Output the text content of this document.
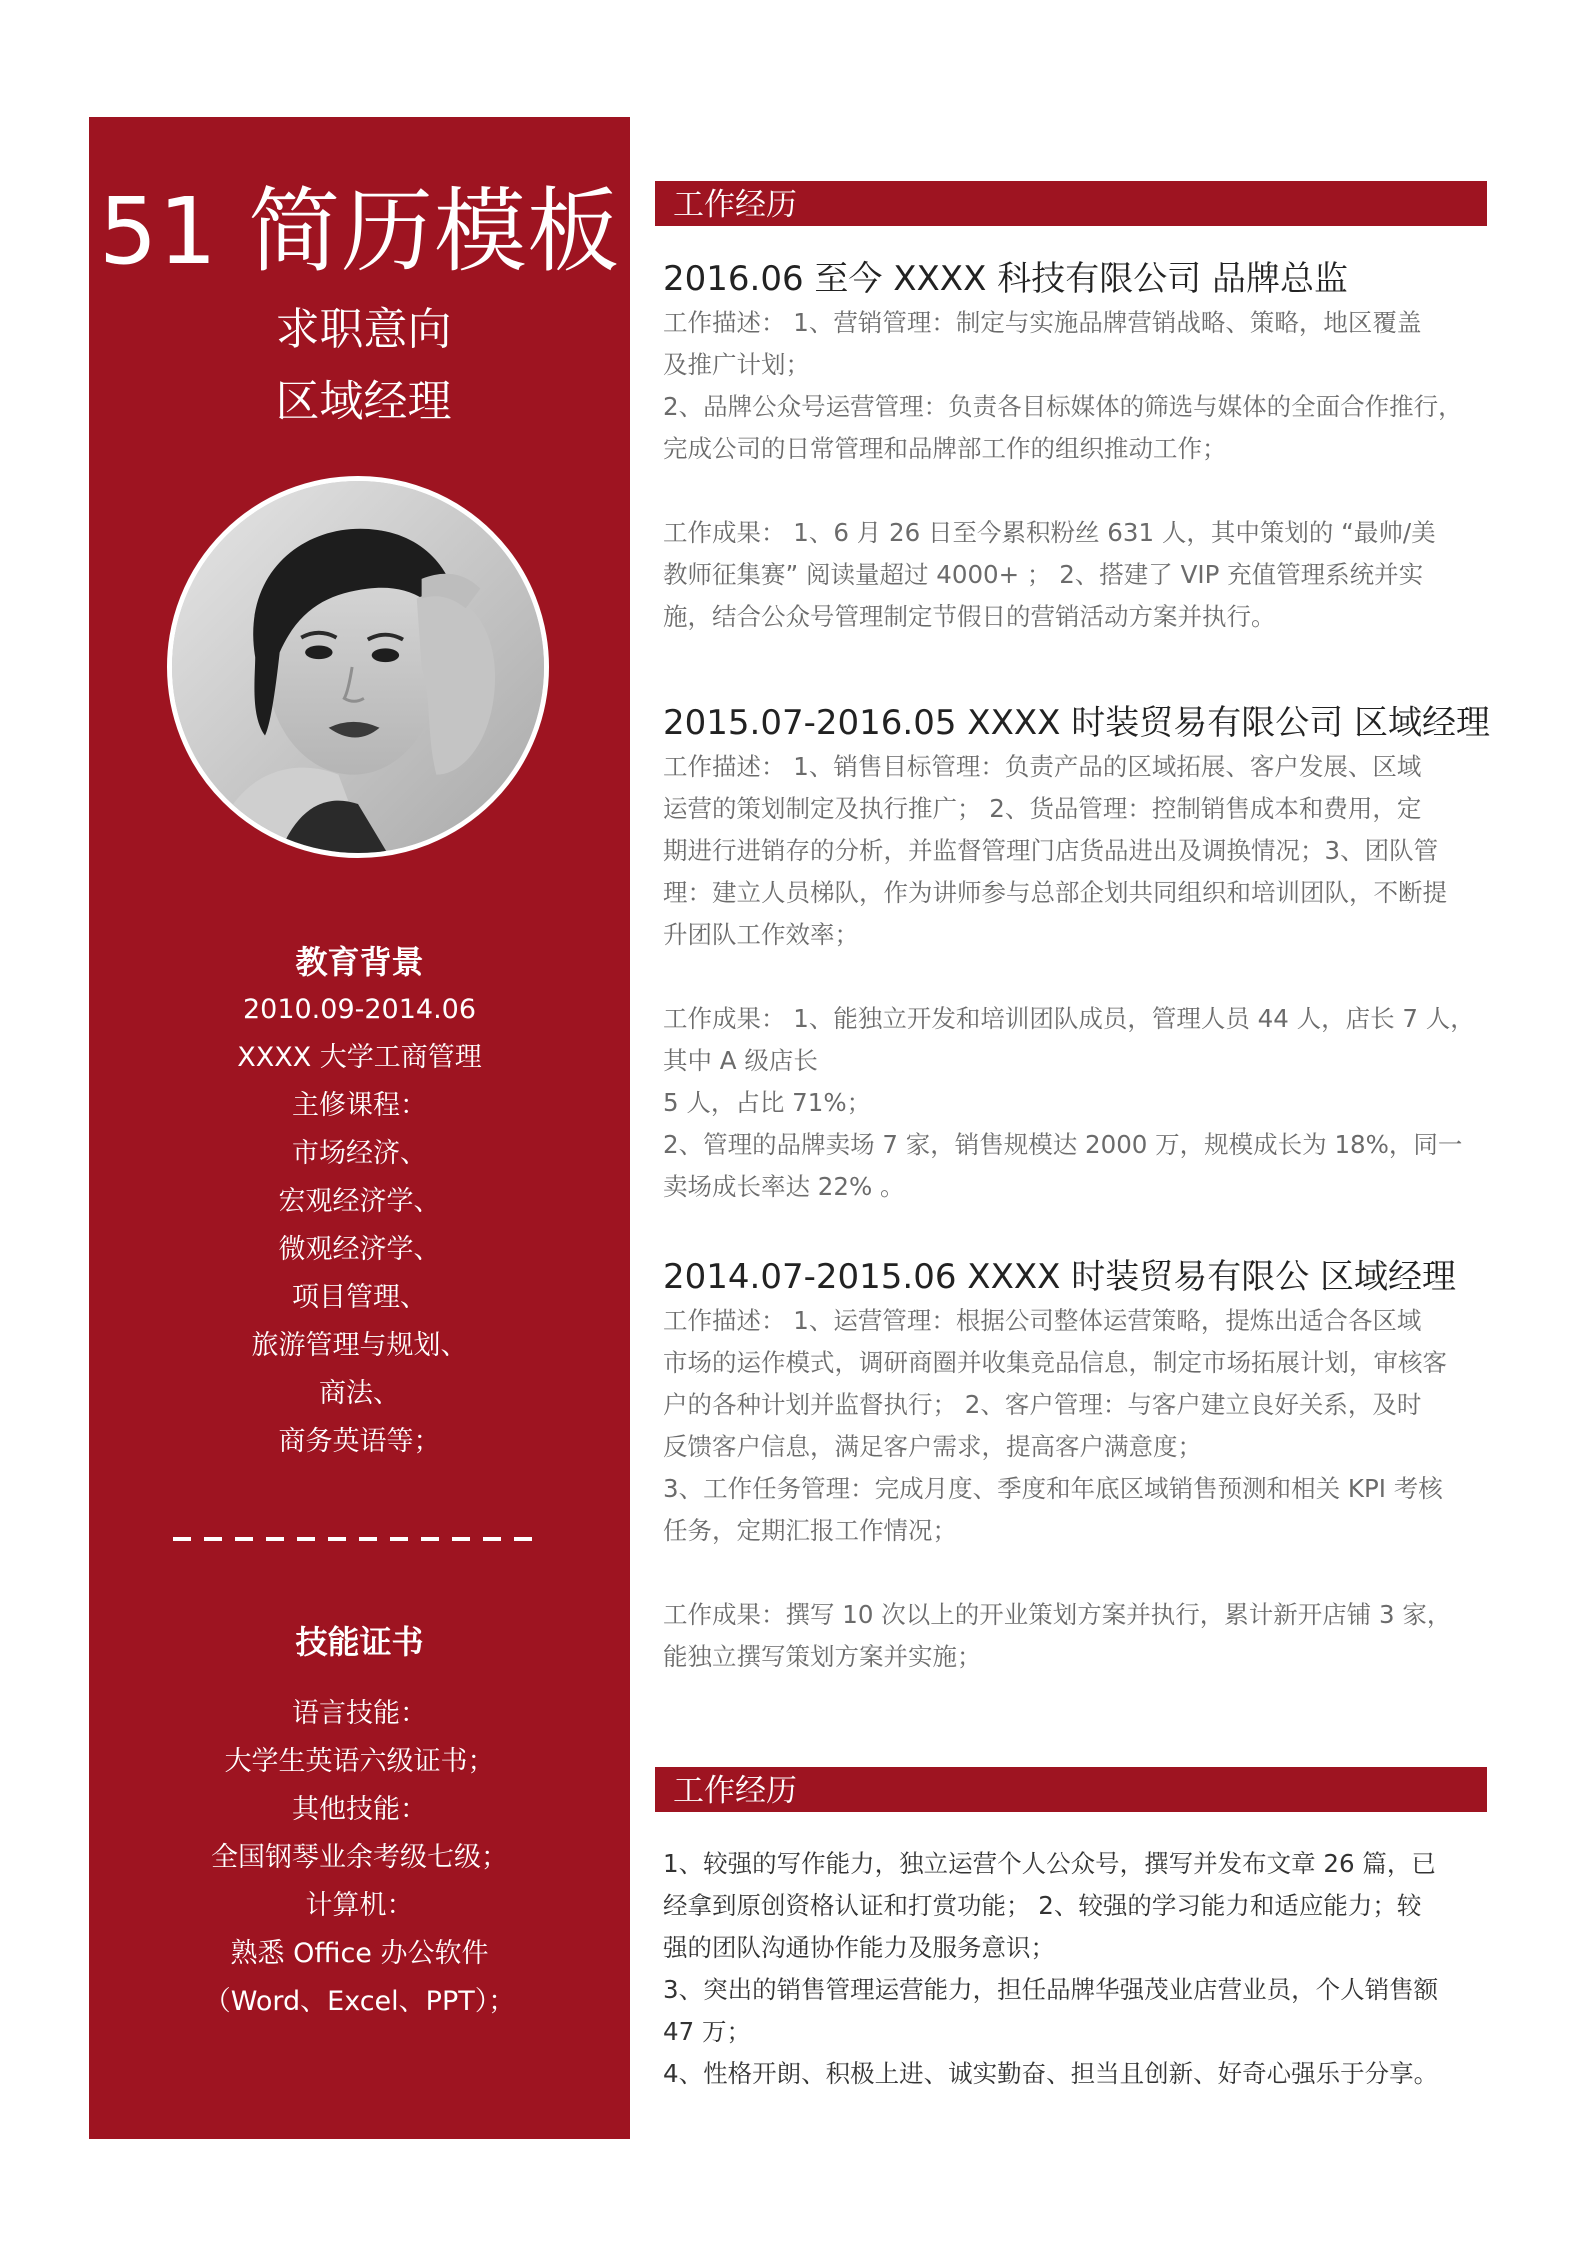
51 简历模板
求职意向
区域经理
教育背景
2010.09-2014.06
XXXX 大学工商管理
主修课程：
市场经济、
宏观经济学、
微观经济学、
项目管理、
旅游管理与规划、
商法、
商务英语等；
技能证书
语言技能：
大学生英语六级证书；
其他技能：
全国钢琴业余考级七级；
计算机：
熟悉 Office 办公软件
（Word、Excel、PPT）；
工作经历
2016.06 至今 XXXX 科技有限公司 品牌总监
工作描述： 1、营销管理：制定与实施品牌营销战略、策略，地区覆盖
及推广计划；
2、品牌公众号运营管理：负责各目标媒体的筛选与媒体的全面合作推行，
完成公司的日常管理和品牌部工作的组织推动工作；
工作成果： 1、6 月 26 日至今累积粉丝 631 人，其中策划的 “最帅/美
教师征集赛” 阅读量超过 4000+ ； 2、搭建了 VIP 充值管理系统并实
施，结合公众号管理制定节假日的营销活动方案并执行。
2015.07-2016.05 XXXX 时装贸易有限公司 区域经理
工作描述： 1、销售目标管理：负责产品的区域拓展、客户发展、区域
运营的策划制定及执行推广； 2、货品管理：控制销售成本和费用，定
期进行进销存的分析，并监督管理门店货品进出及调换情况；3、团队管
理：建立人员梯队，作为讲师参与总部企划共同组织和培训团队，不断提
升团队工作效率；
工作成果： 1、能独立开发和培训团队成员，管理人员 44 人，店长 7 人，
其中 A 级店长
5 人，占比 71%；
2、管理的品牌卖场 7 家，销售规模达 2000 万，规模成长为 18%，同一
卖场成长率达 22% 。
2014.07-2015.06 XXXX 时装贸易有限公 区域经理
工作描述： 1、运营管理：根据公司整体运营策略，提炼出适合各区域
市场的运作模式，调研商圈并收集竞品信息，制定市场拓展计划，审核客
户的各种计划并监督执行； 2、客户管理：与客户建立良好关系，及时
反馈客户信息，满足客户需求，提高客户满意度；
3、工作任务管理：完成月度、季度和年底区域销售预测和相关 KPI 考核
任务，定期汇报工作情况；
工作成果：撰写 10 次以上的开业策划方案并执行，累计新开店铺 3 家，
能独立撰写策划方案并实施；
工作经历
1、较强的写作能力，独立运营个人公众号，撰写并发布文章 26 篇，已
经拿到原创资格认证和打赏功能； 2、较强的学习能力和适应能力；较
强的团队沟通协作能力及服务意识；
3、突出的销售管理运营能力，担任品牌华强茂业店营业员，个人销售额
47 万；
4、性格开朗、积极上进、诚实勤奋、担当且创新、好奇心强乐于分享。
